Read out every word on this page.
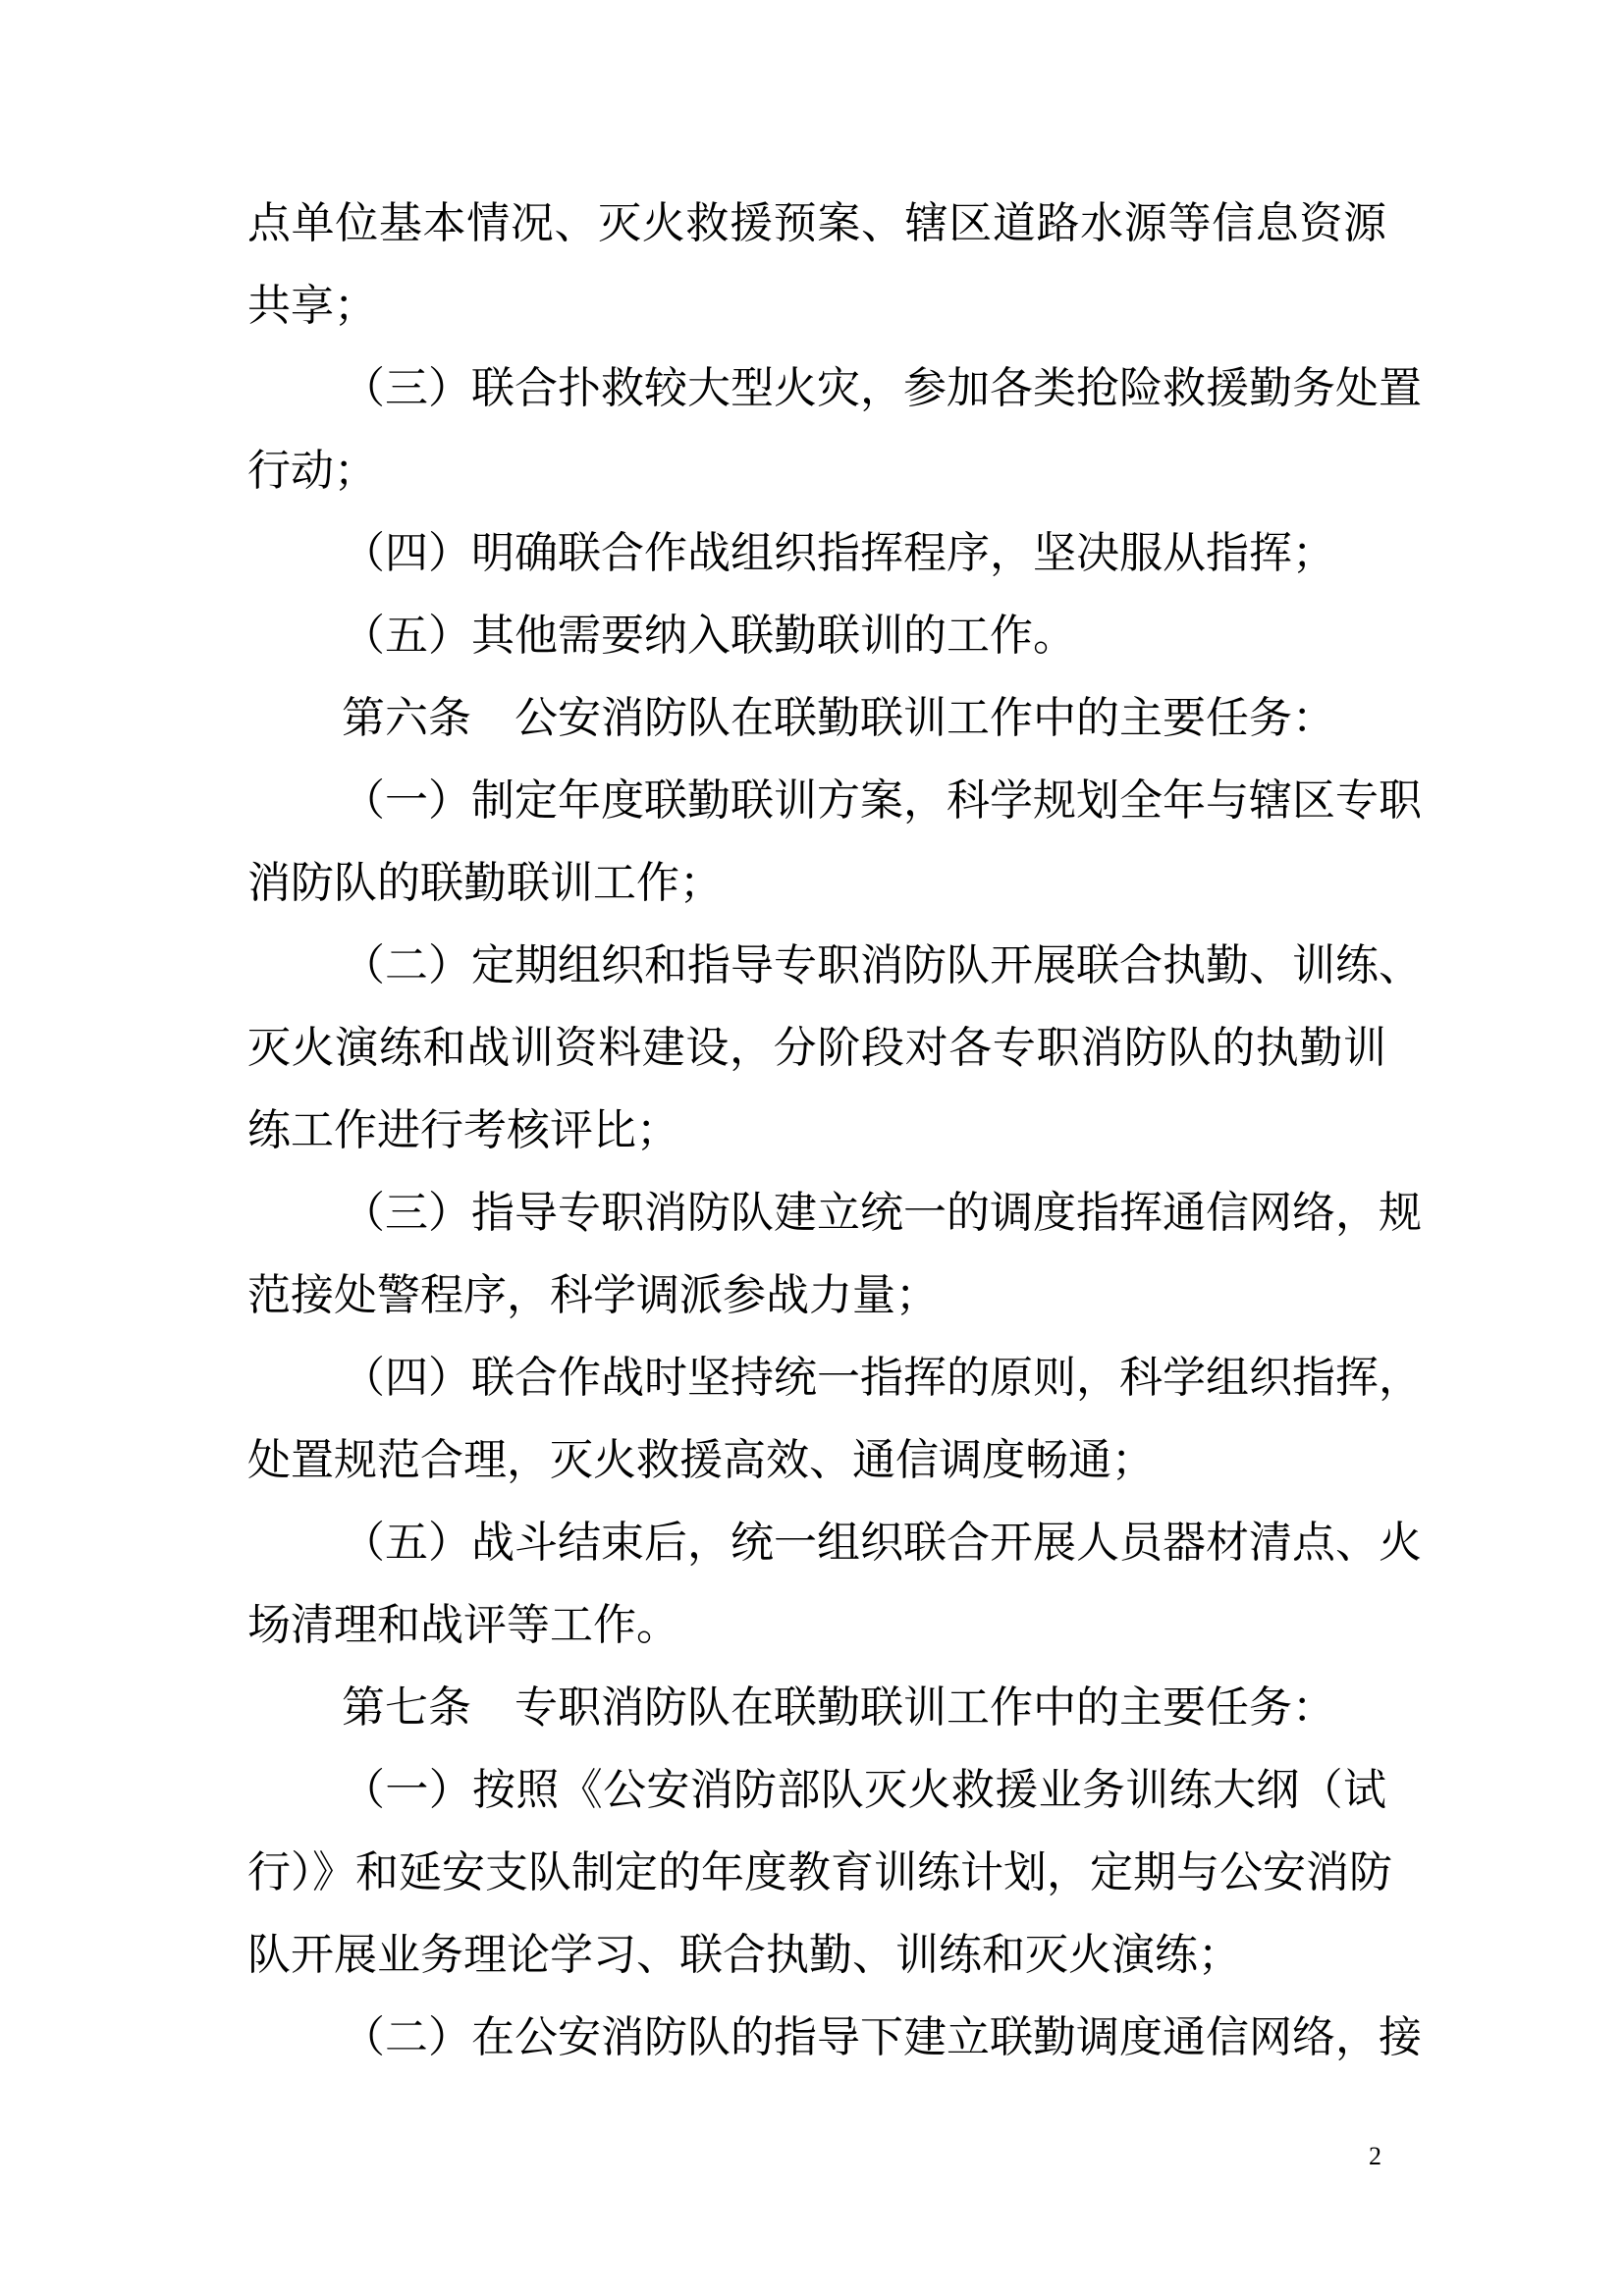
点单位基本情况、灭火救援预案、辖区道路水源等信息资源
共享；
（三）联合扑救较大型火灾，参加各类抢险救援勤务处置
行动；
（四）明确联合作战组织指挥程序，坚决服从指挥；
（五）其他需要纳入联勤联训的工作。
第六条　公安消防队在联勤联训工作中的主要任务：
（一）制定年度联勤联训方案，科学规划全年与辖区专职
消防队的联勤联训工作；
（二）定期组织和指导专职消防队开展联合执勤、训练、
灭火演练和战训资料建设，分阶段对各专职消防队的执勤训
练工作进行考核评比；
（三）指导专职消防队建立统一的调度指挥通信网络，规
范接处警程序，科学调派参战力量；
（四）联合作战时坚持统一指挥的原则，科学组织指挥，
处置规范合理，灭火救援高效、通信调度畅通；
（五）战斗结束后，统一组织联合开展人员器材清点、火
场清理和战评等工作。
第七条　专职消防队在联勤联训工作中的主要任务：
（一）按照《公安消防部队灭火救援业务训练大纲（试
行）》和延安支队制定的年度教育训练计划，定期与公安消防
队开展业务理论学习、联合执勤、训练和灭火演练；
（二）在公安消防队的指导下建立联勤调度通信网络，接
2
